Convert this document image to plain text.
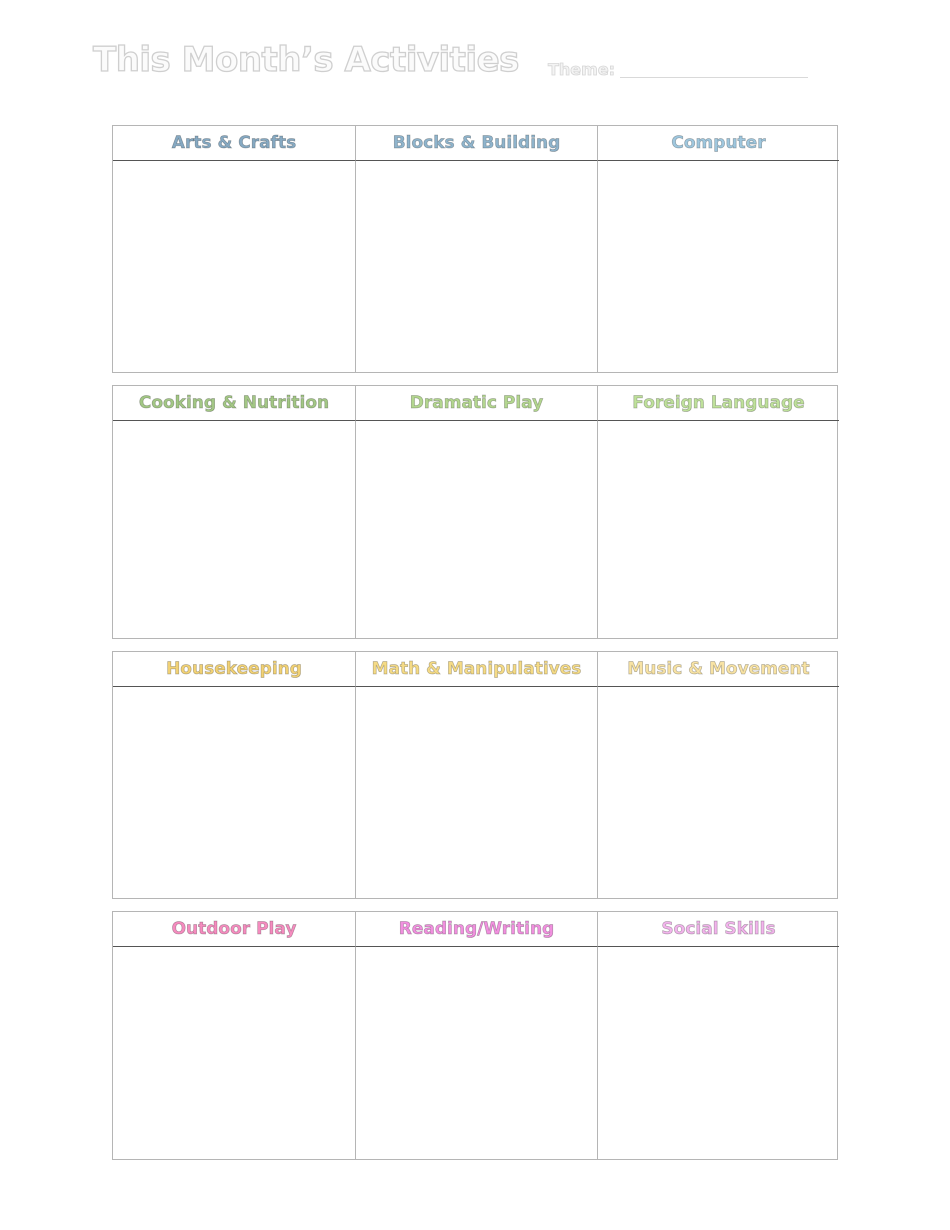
This Month’s Activities Theme:
Arts & Crafts	Blocks & Building	Computer
Cooking & Nutrition	Dramatic Play	Foreign Language
Housekeeping	Math & Manipulatives	Music & Movement
Outdoor Play	Reading/Writing	Social Skills
